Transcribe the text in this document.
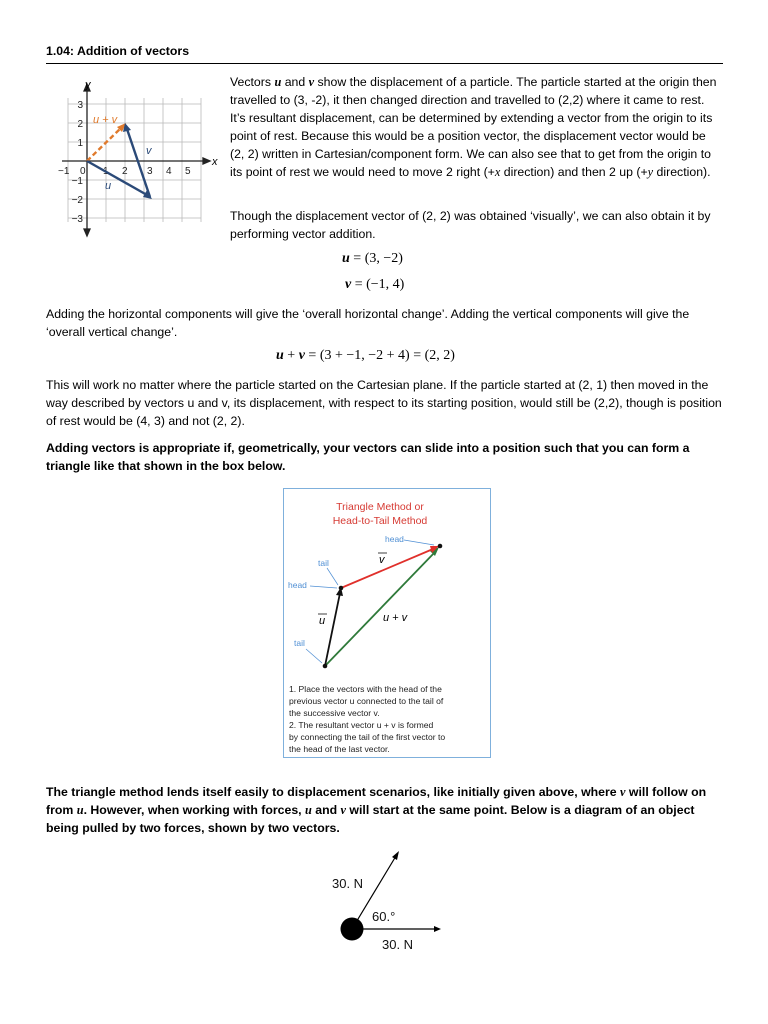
1.04: Addition of vectors
x
y
−1 0	2 3 4 5
3
2
1
−1
−2
−3
u + v
u
v
Vectors u and v show the displacement of a particle. The particle started at the origin then travelled to (3, -2), it then changed direction and travelled to (2,2) where it came to rest. It’s resultant displacement, can be determined by extending a vector from the origin to its point of rest. Because this would be a position vector, the displacement vector would be (2, 2) written in Cartesian/component form. We can also see that to get from the origin to its point of rest we would need to move 2 right (+x direction) and then 2 up (+y direction).
Though the displacement vector of (2, 2) was obtained ‘visually’, we can also obtain it by performing vector addition.
u = (3, −2)
v = (−1, 4)
Adding the horizontal components will give the ‘overall horizontal change’. Adding the vertical components will give the ‘overall vertical change’.
u + v = (3 + −1, −2 + 4) = (2, 2)
This will work no matter where the particle started on the Cartesian plane. If the particle started at (2, 1) then moved in the way described by vectors u and v, its displacement, with respect to its starting position, would still be (2,2), though is position of rest would be (4, 3) and not (2, 2).
Adding vectors is appropriate if, geometrically, your vectors can slide into a position such that you can form a triangle like that shown in the box below.
Triangle Method or
Head-to-Tail Method
head
tail
head
tail
v
u	u + v
1. Place the vectors with the head of the
previous vector u connected to the tail of
the successive vector v.
2. The resultant vector u + v is formed
by connecting the tail of the first vector to
the head of the last vector.
The triangle method lends itself easily to displacement scenarios, like initially given above, where v will follow on from u. However, when working with forces, u and v will start at the same point. Below is a diagram of an object being pulled by two forces, shown by two vectors.
30. N
60.°
30. N
